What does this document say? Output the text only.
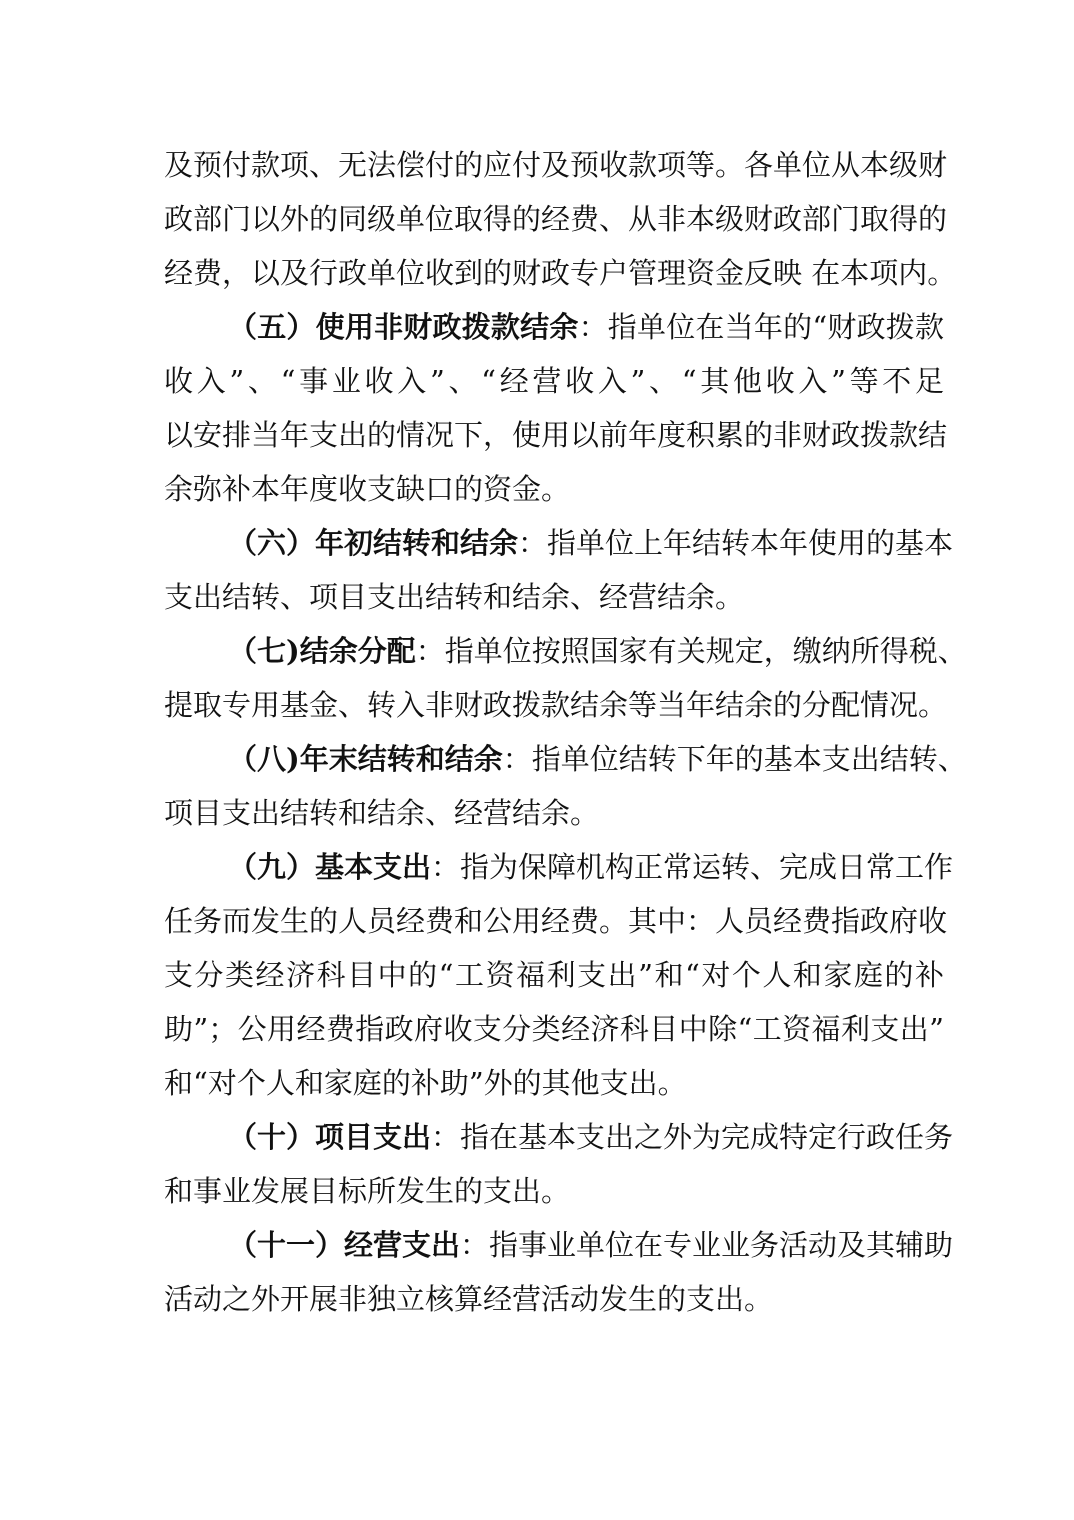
及预付款项、无法偿付的应付及预收款项等。各单位从本级财
政部门以外的同级单位取得的经费、从非本级财政部门取得的
经费，以及行政单位收到的财政专户管理资金反映 在本项内。
（五）使用非财政拨款结余：指单位在当年的“财政拨款
收入”、“事业收入”、“经营收入”、“其他收入”等不足
以安排当年支出的情况下，使用以前年度积累的非财政拨款结
余弥补本年度收支缺口的资金。
（六）年初结转和结余：指单位上年结转本年使用的基本
支出结转、项目支出结转和结余、经营结余。
（七)结余分配：指单位按照国家有关规定，缴纳所得税、
提取专用基金、转入非财政拨款结余等当年结余的分配情况。
（八)年末结转和结余：指单位结转下年的基本支出结转、
项目支出结转和结余、经营结余。
（九）基本支出：指为保障机构正常运转、完成日常工作
任务而发生的人员经费和公用经费。其中：人员经费指政府收
支分类经济科目中的“工资福利支出”和“对个人和家庭的补
助”；公用经费指政府收支分类经济科目中除“工资福利支出”
和“对个人和家庭的补助”外的其他支出。
（十）项目支出：指在基本支出之外为完成特定行政任务
和事业发展目标所发生的支出。
（十一）经营支出：指事业单位在专业业务活动及其辅助
活动之外开展非独立核算经营活动发生的支出。
